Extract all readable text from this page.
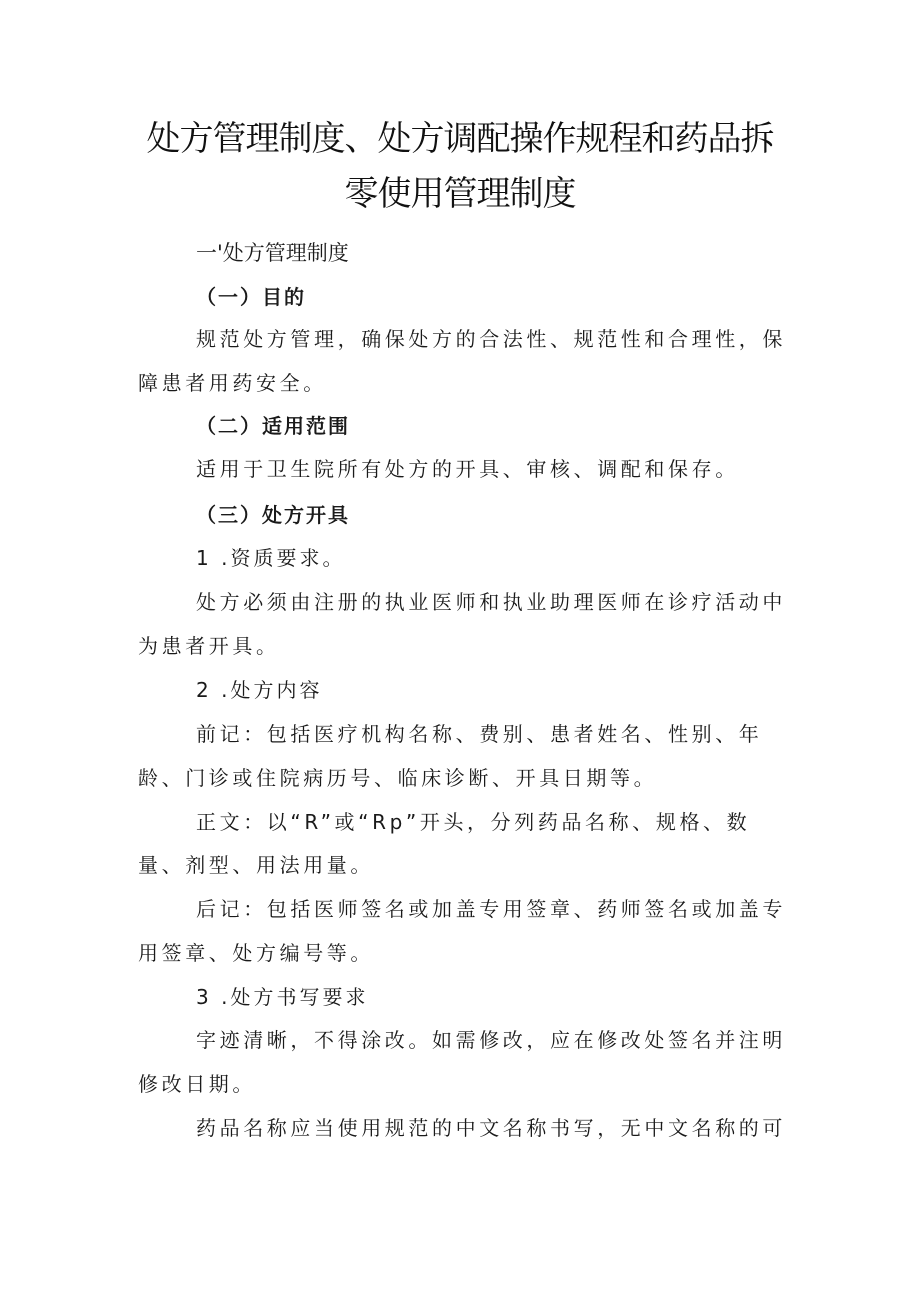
处方管理制度、处方调配操作规程和药品拆
零使用管理制度
一'处方管理制度
（一）目的
规范处方管理，确保处方的合法性、规范性和合理性，保
障患者用药安全。
（二）适用范围
适用于卫生院所有处方的开具、审核、调配和保存。
（三）处方开具
1 .资质要求。
处方必须由注册的执业医师和执业助理医师在诊疗活动中
为患者开具。
2 .处方内容
前记：包括医疗机构名称、费别、患者姓名、性别、年
龄、门诊或住院病历号、临床诊断、开具日期等。
正文：以“R”或“Rp”开头，分列药品名称、规格、数
量、剂型、用法用量。
后记：包括医师签名或加盖专用签章、药师签名或加盖专
用签章、处方编号等。
3 .处方书写要求
字迹清晰，不得涂改。如需修改，应在修改处签名并注明
修改日期。
药品名称应当使用规范的中文名称书写，无中文名称的可
